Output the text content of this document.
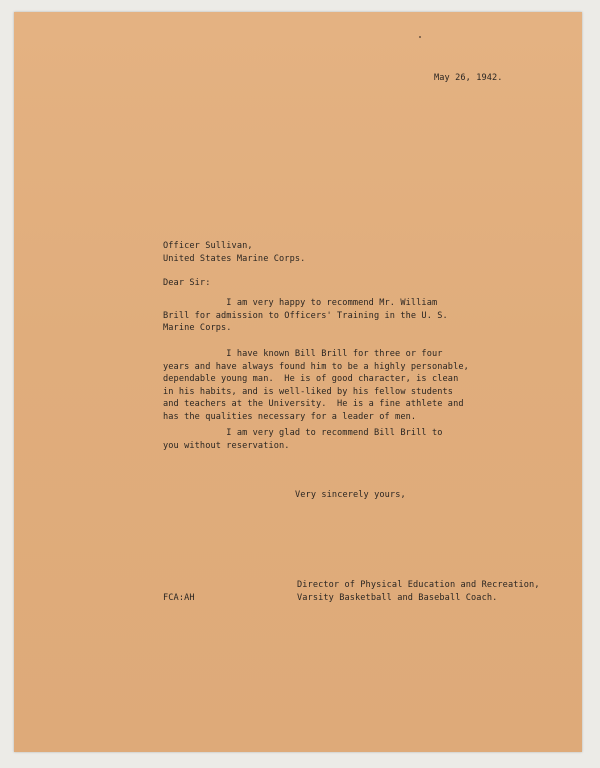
May 26, 1942.
Officer Sullivan,
United States Marine Corps.
Dear Sir:
I am very happy to recommend Mr. William
Brill for admission to Officers' Training in the U. S.
Marine Corps.
I have known Bill Brill for three or four
years and have always found him to be a highly personable,
dependable young man.  He is of good character, is clean
in his habits, and is well-liked by his fellow students
and teachers at the University.  He is a fine athlete and
has the qualities necessary for a leader of men.
I am very glad to recommend Bill Brill to
you without reservation.
Very sincerely yours,
Director of Physical Education and Recreation,
Varsity Basketball and Baseball Coach.
FCA:AH
